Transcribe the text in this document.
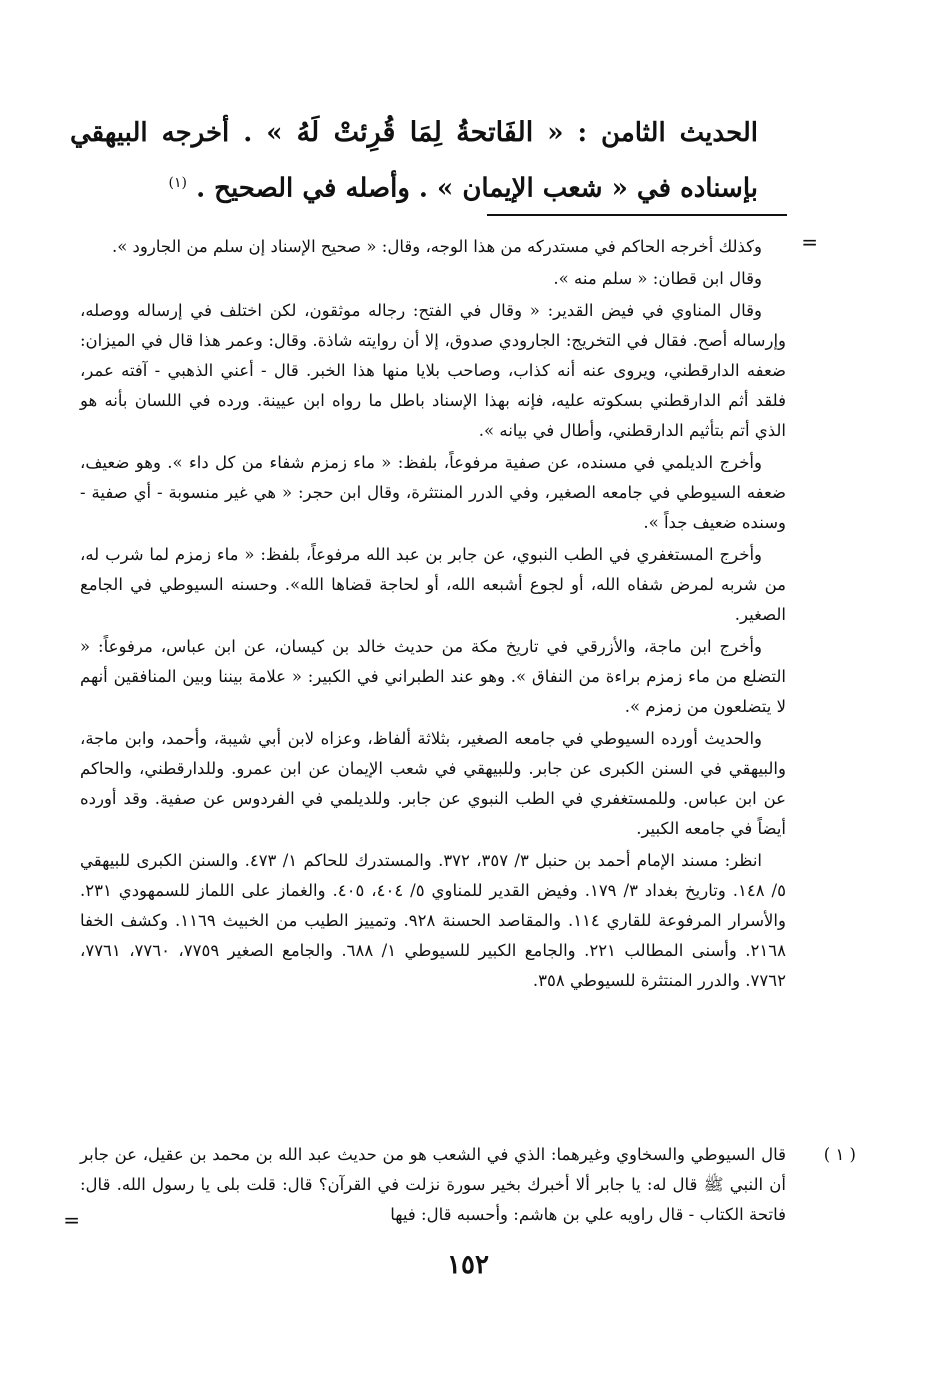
الحديث الثامن : « الفَاتحةُ لِمَا قُرِئتْ لَهُ » . أخرجه البيهقي بإسناده في « شعب الإيمان » . وأصله في الصحيح . $^{(١)}$
=

وكذلك أخرجه الحاكم في مستدركه من هذا الوجه، وقال: « صحيح الإسناد إن سلم من الجارود ».

وقال ابن قطان: « سلم منه ».

وقال المناوي في فيض القدير: « وقال في الفتح: رجاله موثقون، لكن اختلف في إرساله ووصله، وإرساله أصح. فقال في التخريج: الجارودي صدوق، إلا أن روايته شاذة. وقال: وعمر هذا قال في الميزان: ضعفه الدارقطني، ويروى عنه أنه كذاب، وصاحب بلايا منها هذا الخبر. قال - أعني الذهبي - آفته عمر، فلقد أثم الدارقطني بسكوته عليه، فإنه بهذا الإسناد باطل ما رواه ابن عيينة. ورده في اللسان بأنه هو الذي أتم بتأثيم الدارقطني، وأطال في بيانه ».

وأخرج الديلمي في مسنده، عن صفية مرفوعاً، بلفظ: « ماء زمزم شفاء من كل داء ». وهو ضعيف، ضعفه السيوطي في جامعه الصغير، وفي الدرر المنتثرة، وقال ابن حجر: « هي غير منسوبة - أي صفية - وسنده ضعيف جداً ».

وأخرج المستغفري في الطب النبوي، عن جابر بن عبد الله مرفوعاً، بلفظ: « ماء زمزم لما شرب له، من شربه لمرض شفاه الله، أو لجوع أشبعه الله، أو لحاجة قضاها الله». وحسنه السيوطي في الجامع الصغير.

وأخرج ابن ماجة، والأزرقي في تاريخ مكة من حديث خالد بن كيسان، عن ابن عباس، مرفوعاً: « التضلع من ماء زمزم براءة من النفاق ». وهو عند الطبراني في الكبير: « علامة بيننا وبين المنافقين أنهم لا يتضلعون من زمزم ».

والحديث أورده السيوطي في جامعه الصغير، بثلاثة ألفاظ، وعزاه لابن أبي شيبة، وأحمد، وابن ماجة، والبيهقي في السنن الكبرى عن جابر. وللبيهقي في شعب الإيمان عن ابن عمرو. وللدارقطني، والحاكم عن ابن عباس. وللمستغفري في الطب النبوي عن جابر. وللديلمي في الفردوس عن صفية. وقد أورده أيضاً في جامعه الكبير.

انظر: مسند الإمام أحمد بن حنبل ٣/ ٣٥٧، ٣٧٢. والمستدرك للحاكم ١/ ٤٧٣. والسنن الكبرى للبيهقي ٥/ ١٤٨. وتاريخ بغداد ٣/ ١٧٩. وفيض القدير للمناوي ٥/ ٤٠٤، ٤٠٥. والغماز على اللماز للسمهودي ٢٣١. والأسرار المرفوعة للقاري ١١٤. والمقاصد الحسنة ٩٢٨. وتمييز الطيب من الخبيث ١١٦٩. وكشف الخفا ٢١٦٨. وأسنى المطالب ٢٢١. والجامع الكبير للسيوطي ١/ ٦٨٨. والجامع الصغير ٧٧٥٩، ٧٧٦٠، ٧٧٦١، ٧٧٦٢. والدرر المنتثرة للسيوطي ٣٥٨.

( ١ )
قال السيوطي والسخاوي وغيرهما: الذي في الشعب هو من حديث عبد الله بن محمد بن عقيل، عن جابر أن النبي ﷺ قال له: يا جابر ألا أخبرك بخير سورة نزلت في القرآن؟ قال: قلت بلى يا رسول الله. قال: فاتحة الكتاب - قال راويه علي بن هاشم: وأحسبه قال: فيها
=
١٥٢
